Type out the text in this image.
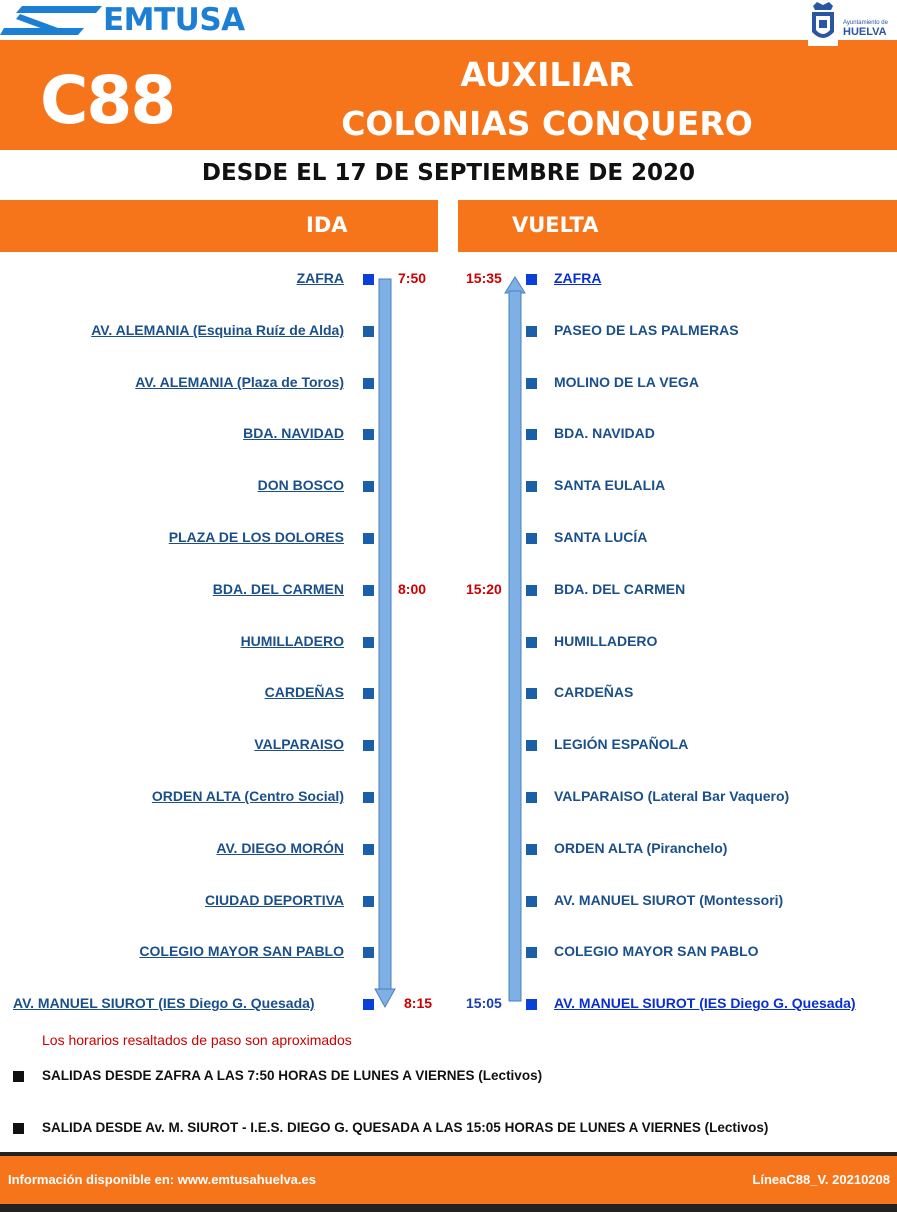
EMTUSA	Ayuntamiento de
HUELVA
C88	AUXILIAR
COLONIAS CONQUERO
DESDE EL 17 DE SEPTIEMBRE DE 2020
IDA	VUELTA
ZAFRA	7:50	15:35	ZAFRA
AV. ALEMANIA (Esquina Ruíz de Alda)	PASEO DE LAS PALMERAS
AV. ALEMANIA (Plaza de Toros)	MOLINO DE LA VEGA
BDA. NAVIDAD	BDA. NAVIDAD
DON BOSCO	SANTA EULALIA
PLAZA DE LOS DOLORES	SANTA LUCÍA
BDA. DEL CARMEN	8:00	15:20	BDA. DEL CARMEN
HUMILLADERO	HUMILLADERO
CARDEÑAS	CARDEÑAS
VALPARAISO	LEGIÓN ESPAÑOLA
ORDEN ALTA (Centro Social)	VALPARAISO (Lateral Bar Vaquero)
AV. DIEGO MORÓN	ORDEN ALTA (Piranchelo)
CIUDAD DEPORTIVA	AV. MANUEL SIUROT (Montessori)
COLEGIO MAYOR SAN PABLO	COLEGIO MAYOR SAN PABLO
AV. MANUEL SIUROT (IES Diego G. Quesada)	8:15 15:05	AV. MANUEL SIUROT (IES Diego G. Quesada)
Los horarios resaltados de paso son aproximados
SALIDAS DESDE ZAFRA A LAS 7:50 HORAS DE LUNES A VIERNES (Lectivos)
SALIDA DESDE Av. M. SIUROT - I.E.S. DIEGO G. QUESADA A LAS 15:05 HORAS DE LUNES A VIERNES (Lectivos)
Información disponible en: www.emtusahuelva.es	LíneaC88_V. 20210208
